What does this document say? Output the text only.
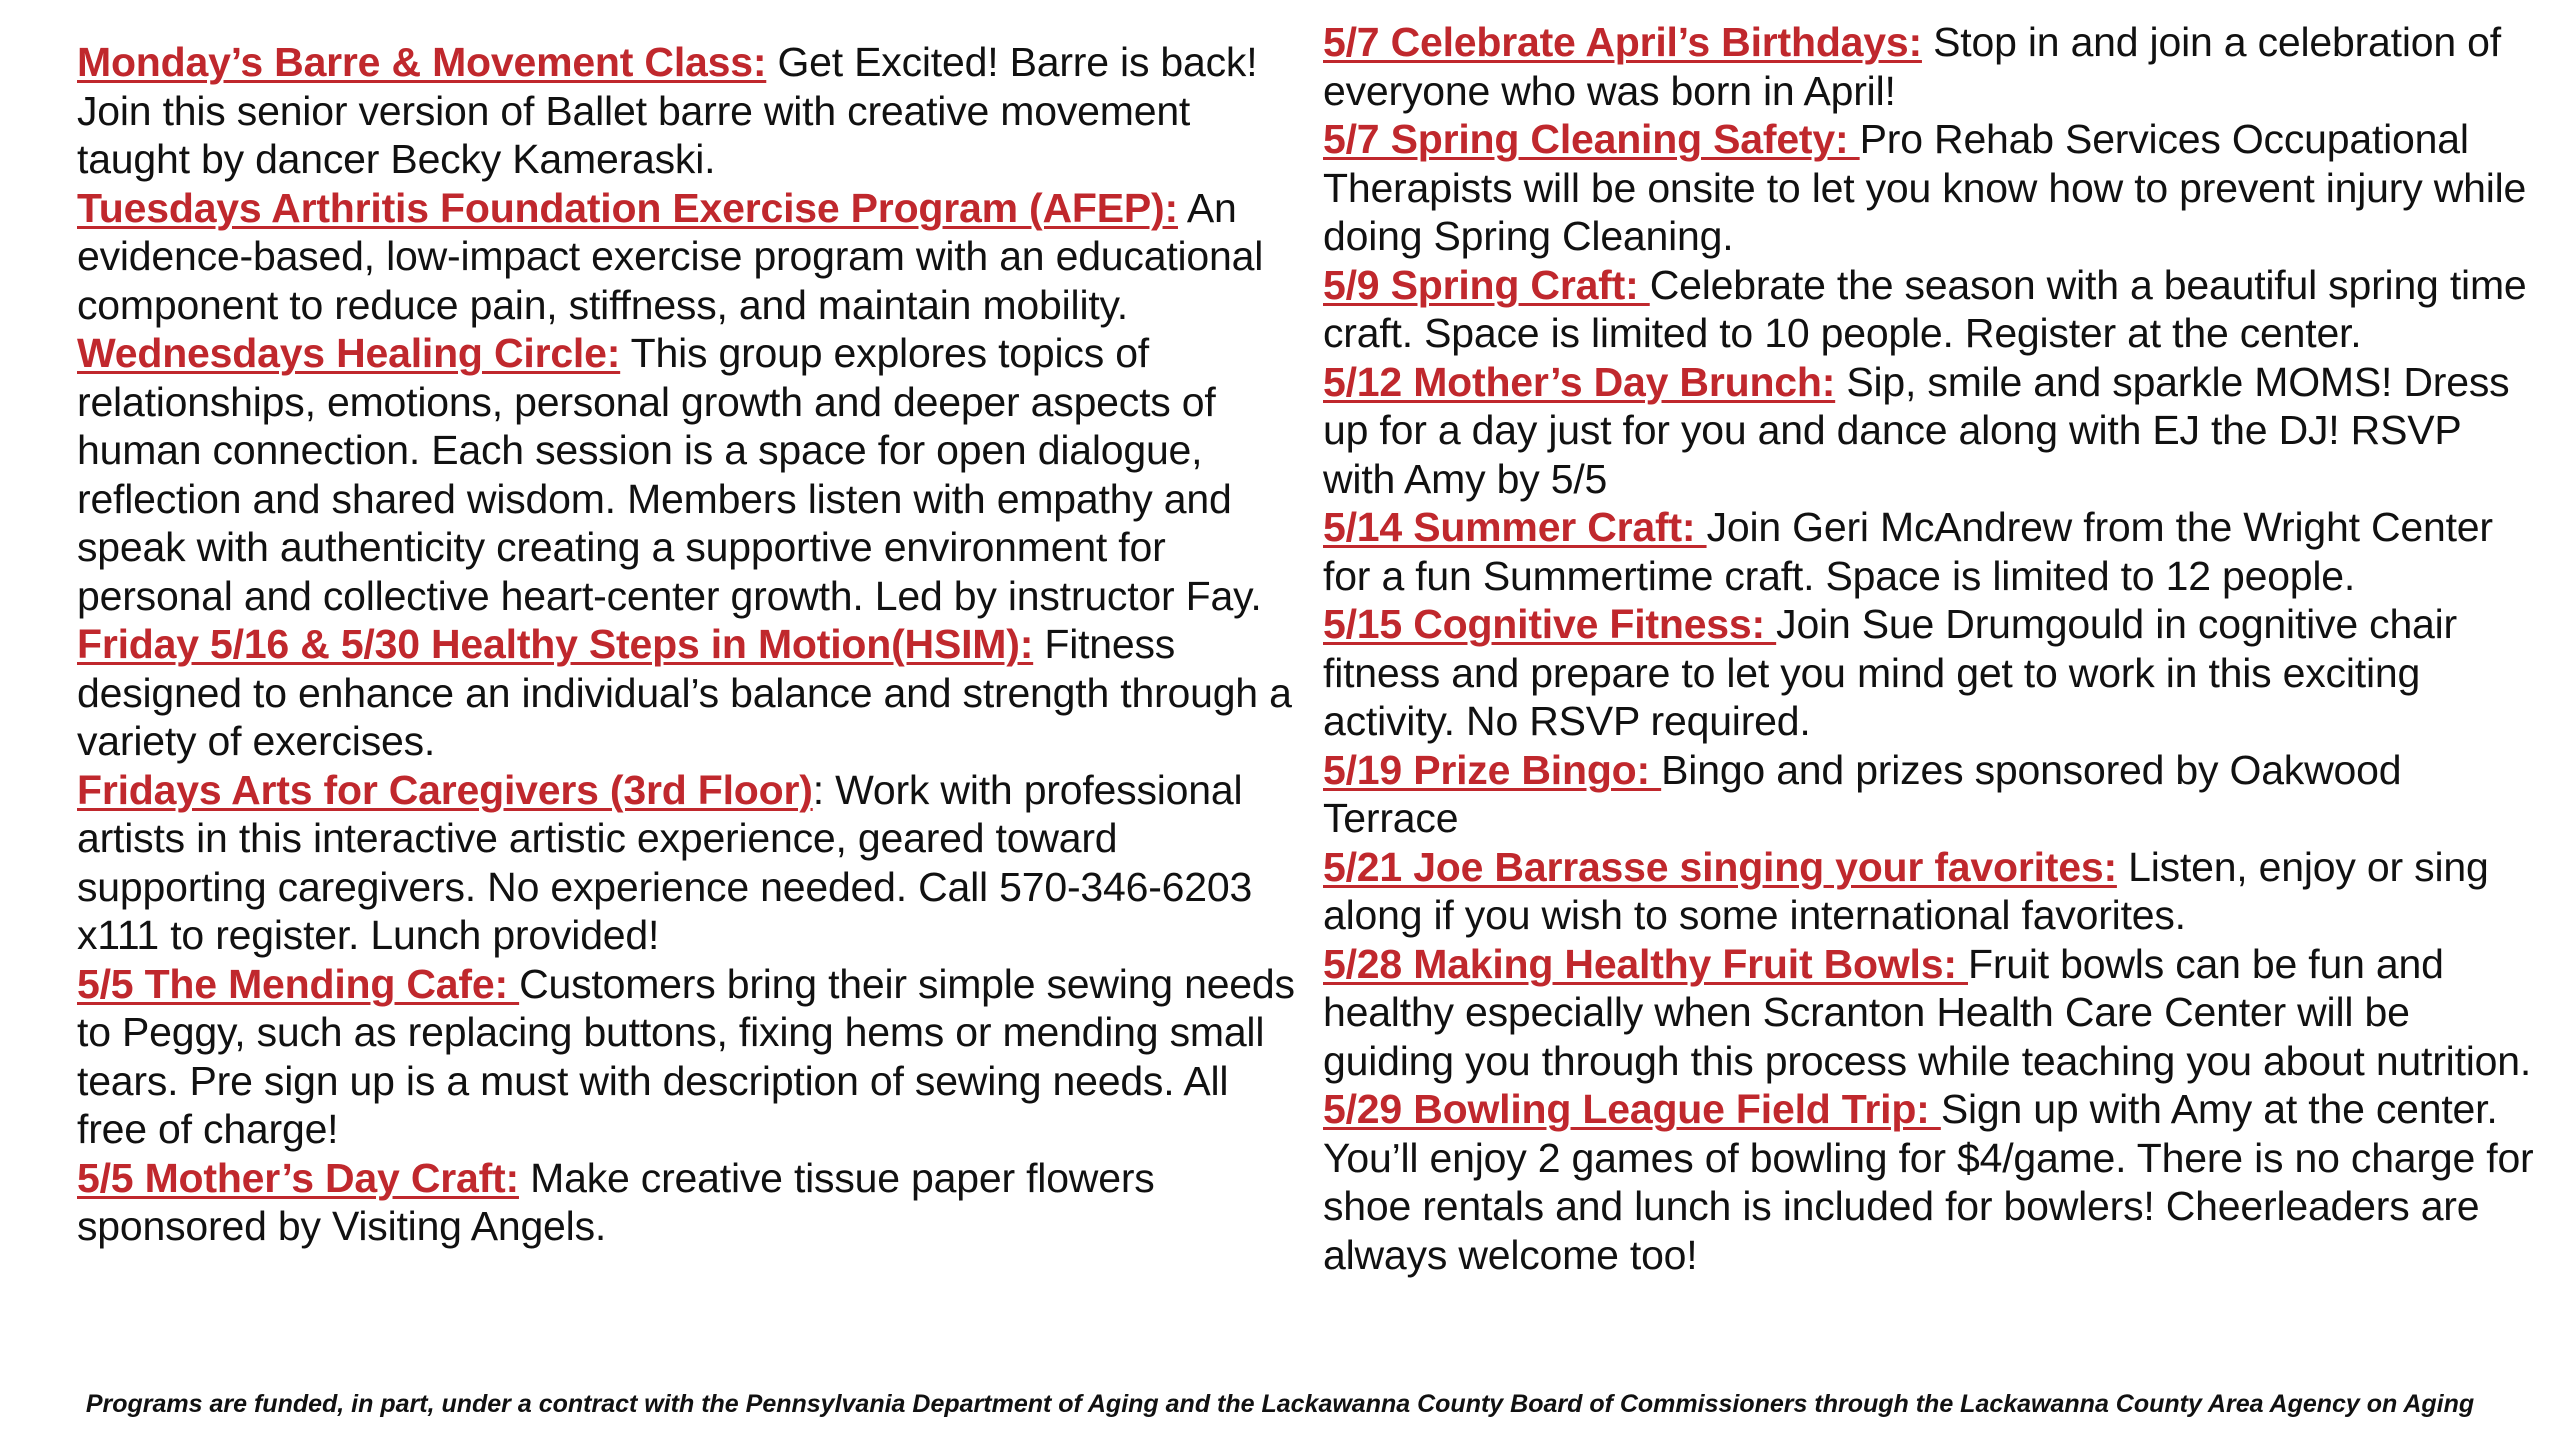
Monday’s Barre & Movement Class: Get Excited! Barre is back! Join this senior version of Ballet barre with creative movement taught by dancer Becky Kameraski.

Tuesdays Arthritis Foundation Exercise Program (AFEP): An evidence-based, low-impact exercise program with an educational component to reduce pain, stiffness, and maintain mobility.

Wednesdays Healing Circle: This group explores topics of relationships, emotions, personal growth and deeper aspects of human connection. Each session is a space for open dialogue, reflection and shared wisdom. Members listen with empathy and speak with authenticity creating a supportive environment for personal and collective heart-center growth. Led by instructor Fay.

Friday 5/16 & 5/30 Healthy Steps in Motion(HSIM): Fitness designed to enhance an individual’s balance and strength through a variety of exercises.

Fridays Arts for Caregivers (3rd Floor): Work with professional artists in this interactive artistic experience, geared toward supporting caregivers. No experience needed. Call 570-346-6203 x111 to register. Lunch provided!

5/5 The Mending Cafe: Customers bring their simple sewing needs to Peggy, such as replacing buttons, fixing hems or mending small tears. Pre sign up is a must with description of sewing needs. All free of charge!

5/5 Mother’s Day Craft: Make creative tissue paper flowers sponsored by Visiting Angels.

5/7 Celebrate April’s Birthdays: Stop in and join a celebration of everyone who was born in April!

5/7 Spring Cleaning Safety: Pro Rehab Services Occupational Therapists will be onsite to let you know how to prevent injury while doing Spring Cleaning.

5/9 Spring Craft: Celebrate the season with a beautiful spring time craft. Space is limited to 10 people. Register at the center.

5/12 Mother’s Day Brunch: Sip, smile and sparkle MOMS! Dress up for a day just for you and dance along with EJ the DJ! RSVP with Amy by 5/5

5/14 Summer Craft: Join Geri McAndrew from the Wright Center for a fun Summertime craft. Space is limited to 12 people.

5/15 Cognitive Fitness: Join Sue Drumgould in cognitive chair fitness and prepare to let you mind get to work in this exciting activity. No RSVP required.

5/19 Prize Bingo: Bingo and prizes sponsored by Oakwood Terrace

5/21 Joe Barrasse singing your favorites: Listen, enjoy or sing along if you wish to some international favorites.

5/28 Making Healthy Fruit Bowls: Fruit bowls can be fun and healthy especially when Scranton Health Care Center will be guiding you through this process while teaching you about nutrition.

5/29 Bowling League Field Trip: Sign up with Amy at the center. You’ll enjoy 2 games of bowling for $4/game. There is no charge for shoe rentals and lunch is included for bowlers! Cheerleaders are always welcome too!

Programs are funded, in part, under a contract with the Pennsylvania Department of Aging and the Lackawanna County Board of Commissioners through the Lackawanna County Area Agency on Aging
